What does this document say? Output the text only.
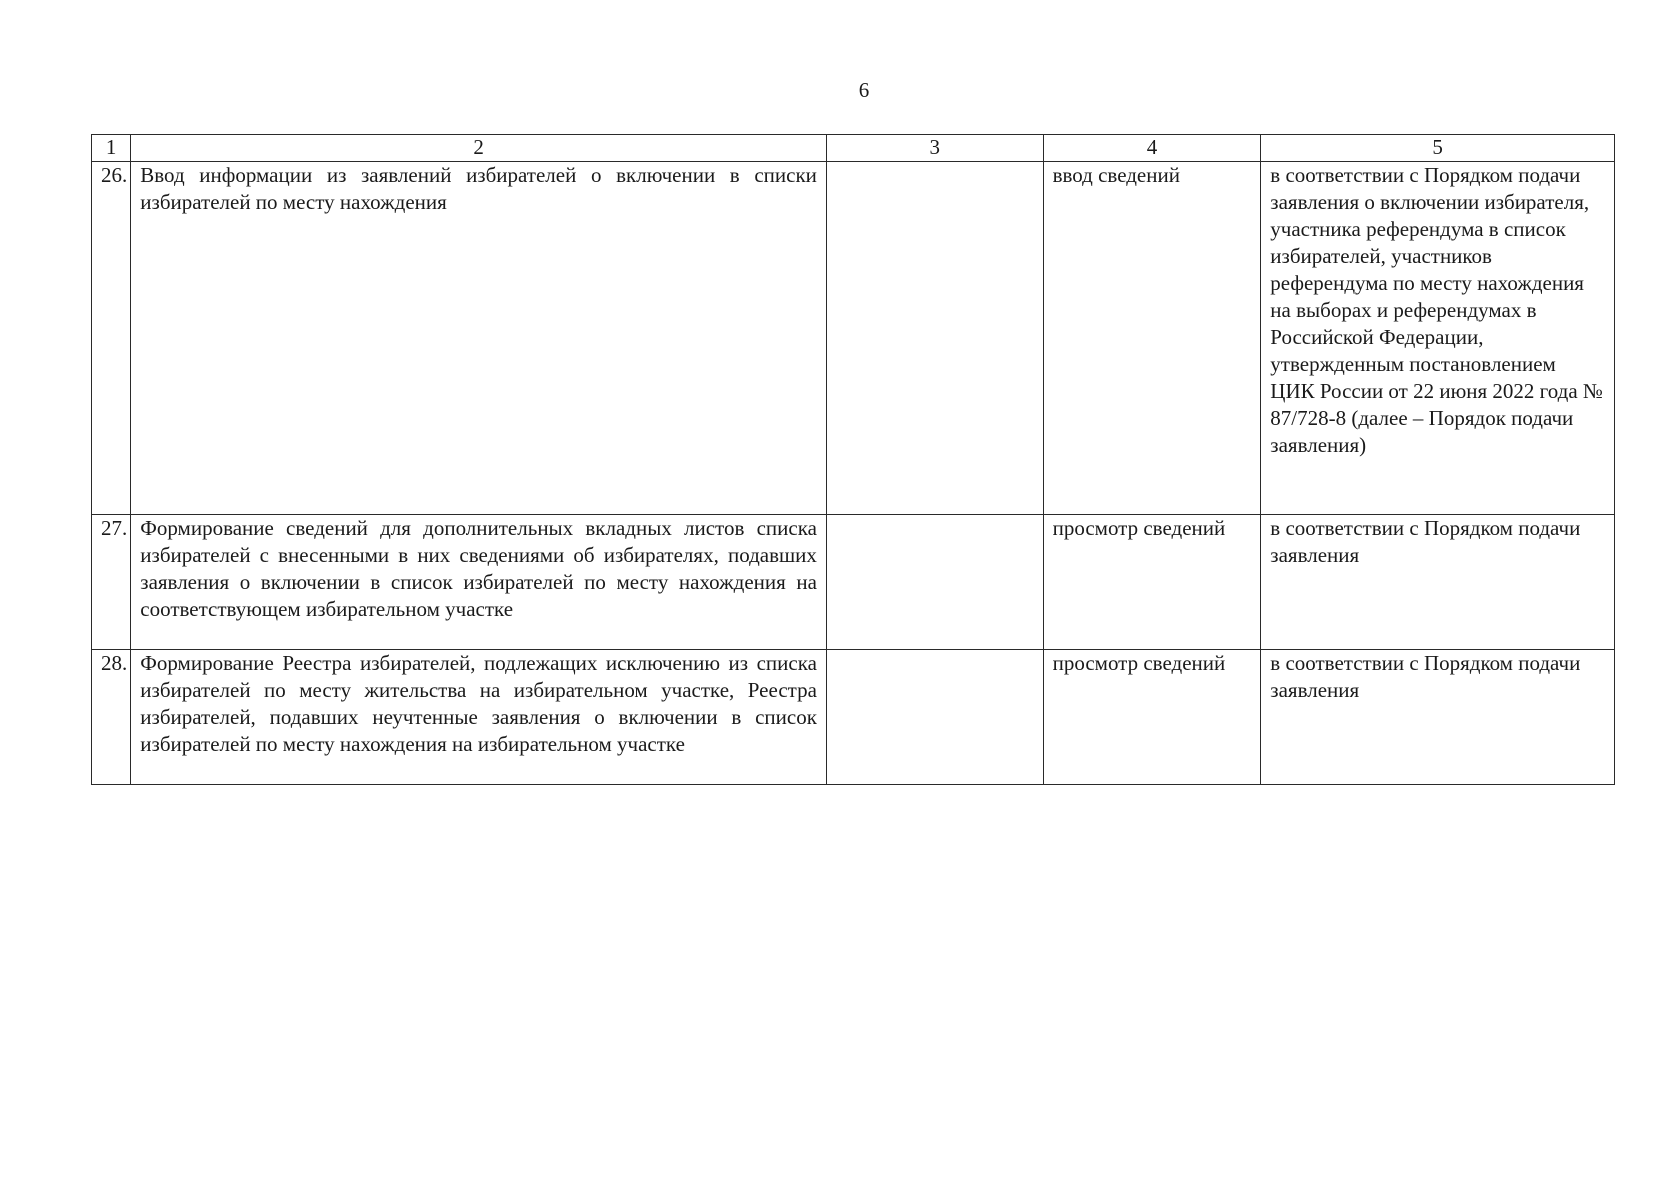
6
1	2	3	4	5
26.	Ввод информации из заявлений избирателей о включении в списки избирателей по месту нахождения		ввод сведений	в соответствии с Порядком подачи заявления о включении избирателя, участника референдума в список избирателей, участников референдума по месту нахождения на выборах и референдумах в Российской Федерации, утвержденным постановлением ЦИК России от 22 июня 2022 года № 87/728-8 (далее – Порядок подачи заявления)
27.	Формирование сведений для дополнительных вкладных листов списка избирателей с внесенными в них сведениями об избирателях, подавших заявления о включении в список избирателей по месту нахождения на соответствующем избирательном участке		просмотр сведений	в соответствии с Порядком подачи заявления
28.	Формирование Реестра избирателей, подлежащих исключению из списка избирателей по месту жительства на избирательном участке, Реестра избирателей, подавших неучтенные заявления о включении в список избирателей по месту нахождения на избирательном участке		просмотр сведений	в соответствии с Порядком подачи заявления
